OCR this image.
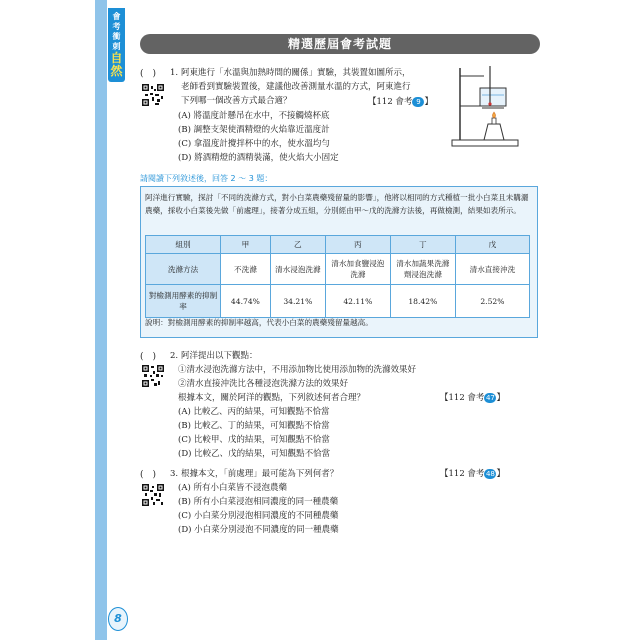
會考衝刺
自然
8
精選歷屆會考試題
(　) 1. 阿東進行「水溫與加熱時間的關係」實驗，其裝置如圖所示，
老師看到實驗裝置後，建議他改善測量水溫的方式，阿東進行
下列哪一個改善方式最合適？	【112 會考 9 】
(A) 將溫度計懸吊在水中，不接觸燒杯底
(B) 調整支架使酒精燈的火焰靠近溫度計
(C) 拿溫度計攪拌杯中的水，使水溫均勻
(D) 將酒精燈的酒精裝滿，使火焰大小固定
請閱讀下列敘述後，回答 2 ～ 3 題：
阿洋進行實驗，探討「不同的洗滌方式，對小白菜農藥殘留量的影響」，他將以相同的方式種植一批小白菜且未購灑農藥，採收小白菜後先做「前處理」，接著分成五組，分別經由甲～戊的洗滌方法後，再做檢測，結果如表所示。
組別	甲	乙	丙	丁	戊
洗滌方法	不洗滌	清水浸泡洗滌	清水加食鹽浸泡洗滌	清水加蔬果洗滌劑浸泡洗滌	清水直接沖洗
對檢測用酵素的抑制率	44.74%	34.21%	42.11%	18.42%	2.52%
說明：對檢測用酵素的抑制率越高，代表小白菜的農藥殘留量越高。
(　) 2. 阿洋提出以下觀點：
①清水浸泡洗滌方法中，不用添加物比使用添加物的洗滌效果好
②清水直接沖洗比各種浸泡洗滌方法的效果好
根據本文，關於阿洋的觀點，下列敘述何者合理？	【112 會考 47 】
(A) 比較乙、丙的結果，可知觀點不恰當
(B) 比較乙、丁的結果，可知觀點不恰當
(C) 比較甲、戊的結果，可知觀點不恰當
(D) 比較乙、戊的結果，可知觀點不恰當
(　) 3. 根據本文，「前處理」最可能為下列何者？	【112 會考 48 】
(A) 所有小白菜皆不浸泡農藥
(B) 所有小白菜浸泡相同濃度的同一種農藥
(C) 小白菜分別浸泡相同濃度的不同種農藥
(D) 小白菜分別浸泡不同濃度的同一種農藥
